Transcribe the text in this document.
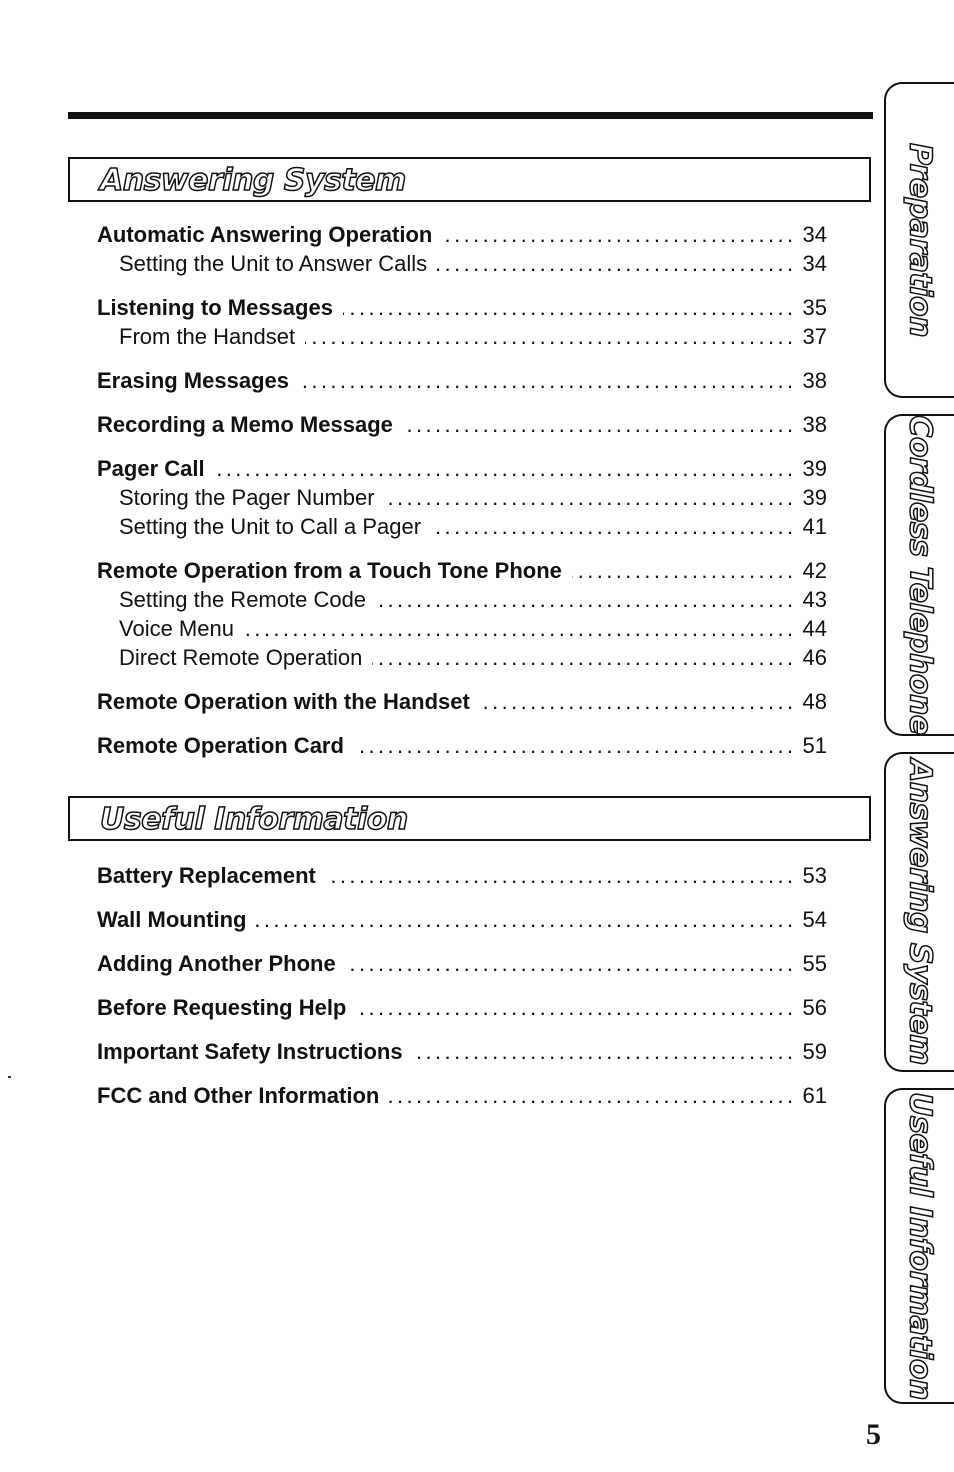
Answering System
Automatic Answering Operation .....	34
Setting the Unit to Answer Calls .....	34
Listening to Messages .....	35
From the Handset .....	37
Erasing Messages .....	38
Recording a Memo Message .....	38
Pager Call .....	39
Storing the Pager Number .....	39
Setting the Unit to Call a Pager .....	41
Remote Operation from a Touch Tone Phone .....	42
Setting the Remote Code .....	43
Voice Menu .....	44
Direct Remote Operation .....	46
Remote Operation with the Handset .....	48
Remote Operation Card .....	51
Useful Information
Battery Replacement .....	53
Wall Mounting .....	54
Adding Another Phone .....	55
Before Requesting Help .....	56
Important Safety Instructions .....	59
FCC and Other Information .....	61
Preparation
Cordless Telephone
Answering System
Useful Information
5
